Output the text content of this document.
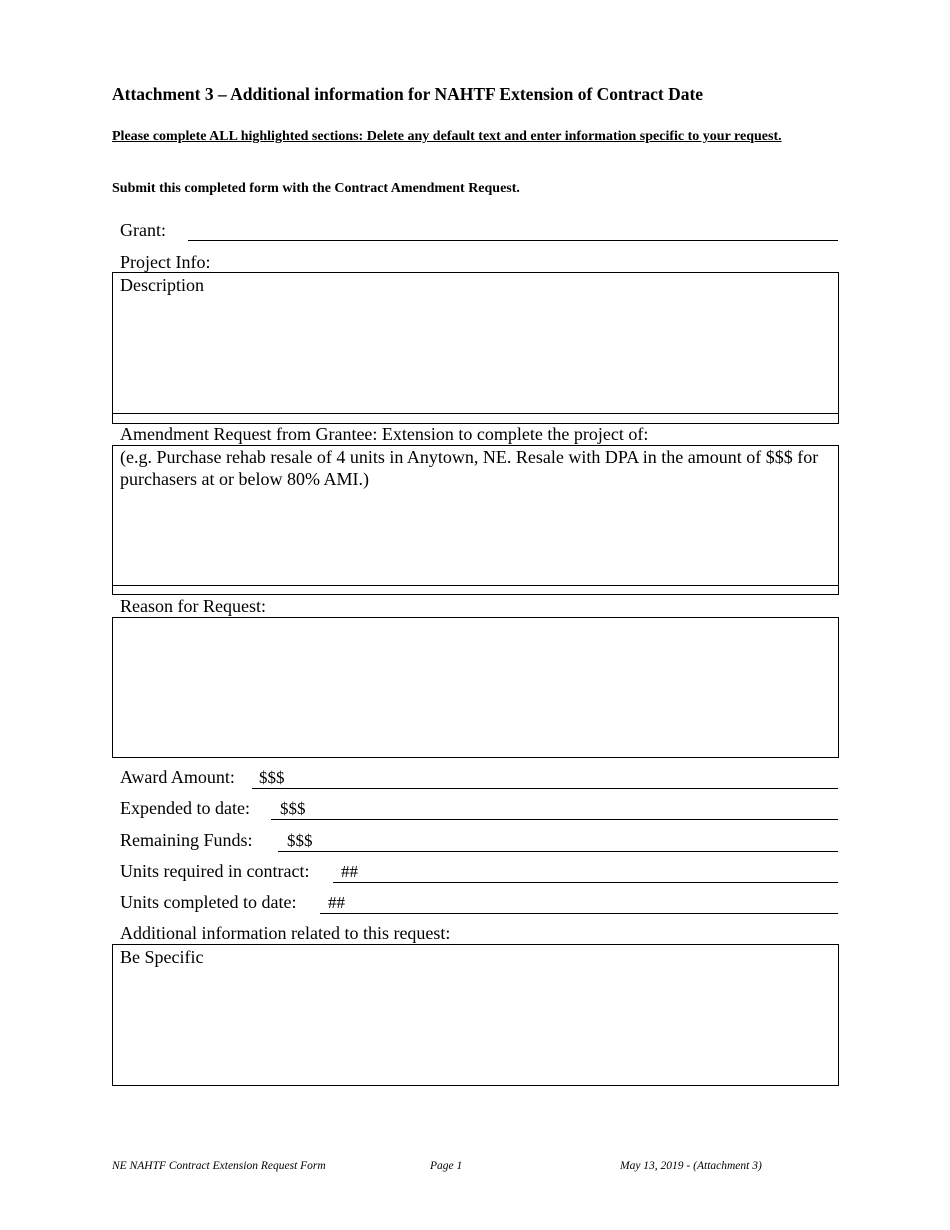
Attachment 3 – Additional information for NAHTF Extension of Contract Date
Please complete ALL highlighted sections: Delete any default text and enter information specific to your request.
Submit this completed form with the Contract Amendment Request.
Grant:
Project Info:
Description
Amendment Request from Grantee: Extension to complete the project of:
(e.g. Purchase rehab resale of 4 units in Anytown, NE. Resale with DPA in the amount of $$$ for purchasers at or below 80% AMI.)
Reason for Request:
Award Amount: $$$
Expended to date: $$$
Remaining Funds: $$$
Units required in contract: ##
Units completed to date: ##
Additional information related to this request:
Be Specific
NE NAHTF Contract Extension Request Form	Page 1	May 13, 2019 - (Attachment 3)
